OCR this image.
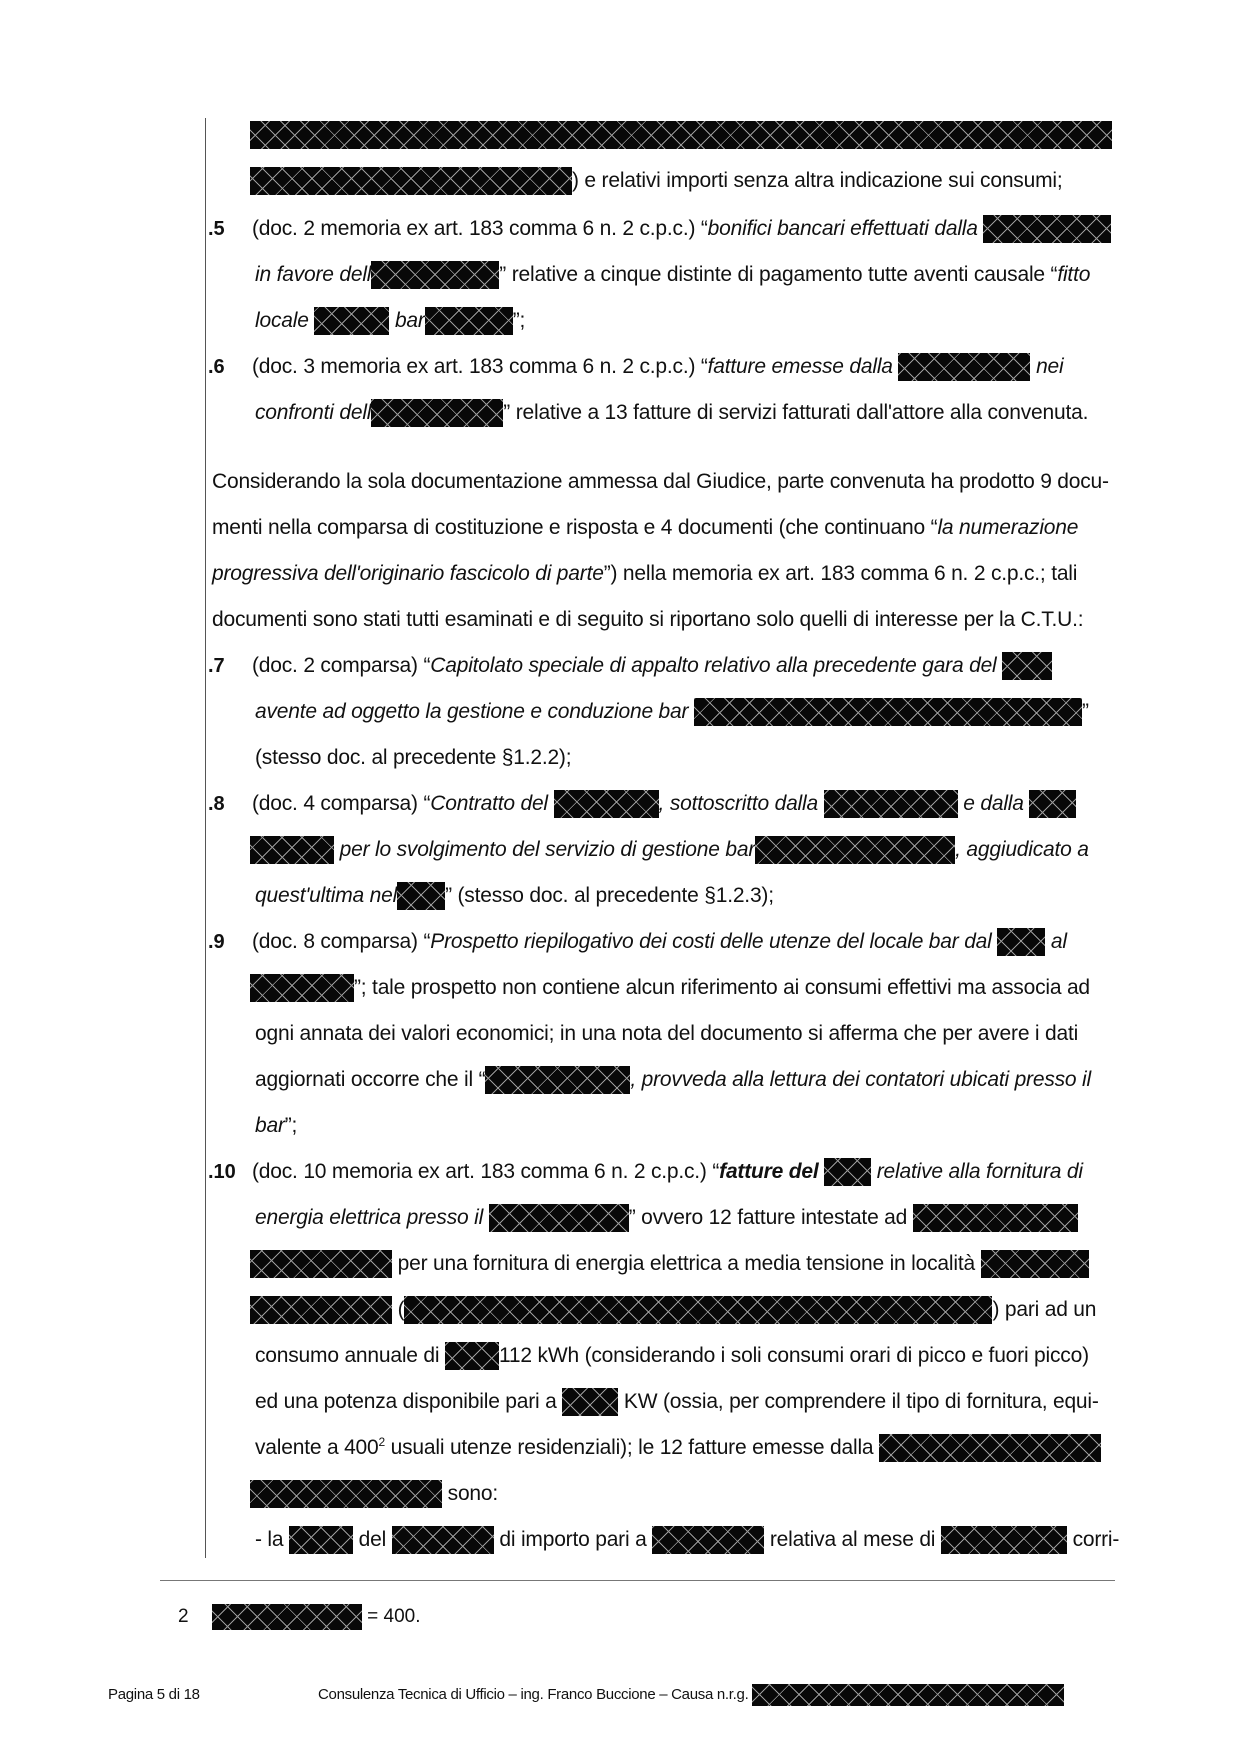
) e relativi importi senza altra indicazione sui consumi;
.5 (doc. 2 memoria ex art. 183 comma 6 n. 2 c.p.c.) “bonifici bancari effettuati dalla
in favore dell	” relative a cinque distinte di pagamento tutte aventi causale “fitto
locale	bar	”;
.6 (doc. 3 memoria ex art. 183 comma 6 n. 2 c.p.c.) “fatture emesse dalla	nei
confronti dell	” relative a 13 fatture di servizi fatturati dall'attore alla convenuta.
Considerando la sola documentazione ammessa dal Giudice, parte convenuta ha prodotto 9 docu-
menti nella comparsa di costituzione e risposta e 4 documenti (che continuano “la numerazione
progressiva dell'originario fascicolo di parte”) nella memoria ex art. 183 comma 6 n. 2 c.p.c.; tali
documenti sono stati tutti esaminati e di seguito si riportano solo quelli di interesse per la C.T.U.:
.7 (doc. 2 comparsa) “Capitolato speciale di appalto relativo alla precedente gara del
avente ad oggetto la gestione e conduzione bar	”
(stesso doc. al precedente §1.2.2);
.8 (doc. 4 comparsa) “Contratto del	, sottoscritto dalla	e dalla
per lo svolgimento del servizio di gestione bar	, aggiudicato a
quest'ultima nel ” (stesso doc. al precedente §1.2.3);
.9 (doc. 8 comparsa) “Prospetto riepilogativo dei costi delle utenze del locale bar dal	al
”; tale prospetto non contiene alcun riferimento ai consumi effettivi ma associa ad
ogni annata dei valori economici; in una nota del documento si afferma che per avere i dati
aggiornati occorre che il “	, provveda alla lettura dei contatori ubicati presso il
bar”;
.10 (doc. 10 memoria ex art. 183 comma 6 n. 2 c.p.c.) “fatture del	relative alla fornitura di
energia elettrica presso il	” ovvero 12 fatture intestate ad
per una fornitura di energia elettrica a media tensione in località
(	) pari ad un
consumo annuale di	112 kWh (considerando i soli consumi orari di picco e fuori picco)
ed una potenza disponibile pari a	KW (ossia, per comprendere il tipo di fornitura, equi-
valente a $400^2$ usuali utenze residenziali); le 12 fatture emesse dalla
sono:
- la	del	di importo pari a	relativa al mese di	corri-
2	= 400.
Pagina 5 di 18	Consulenza Tecnica di Ufficio – ing. Franco Buccione – Causa n.r.g.
